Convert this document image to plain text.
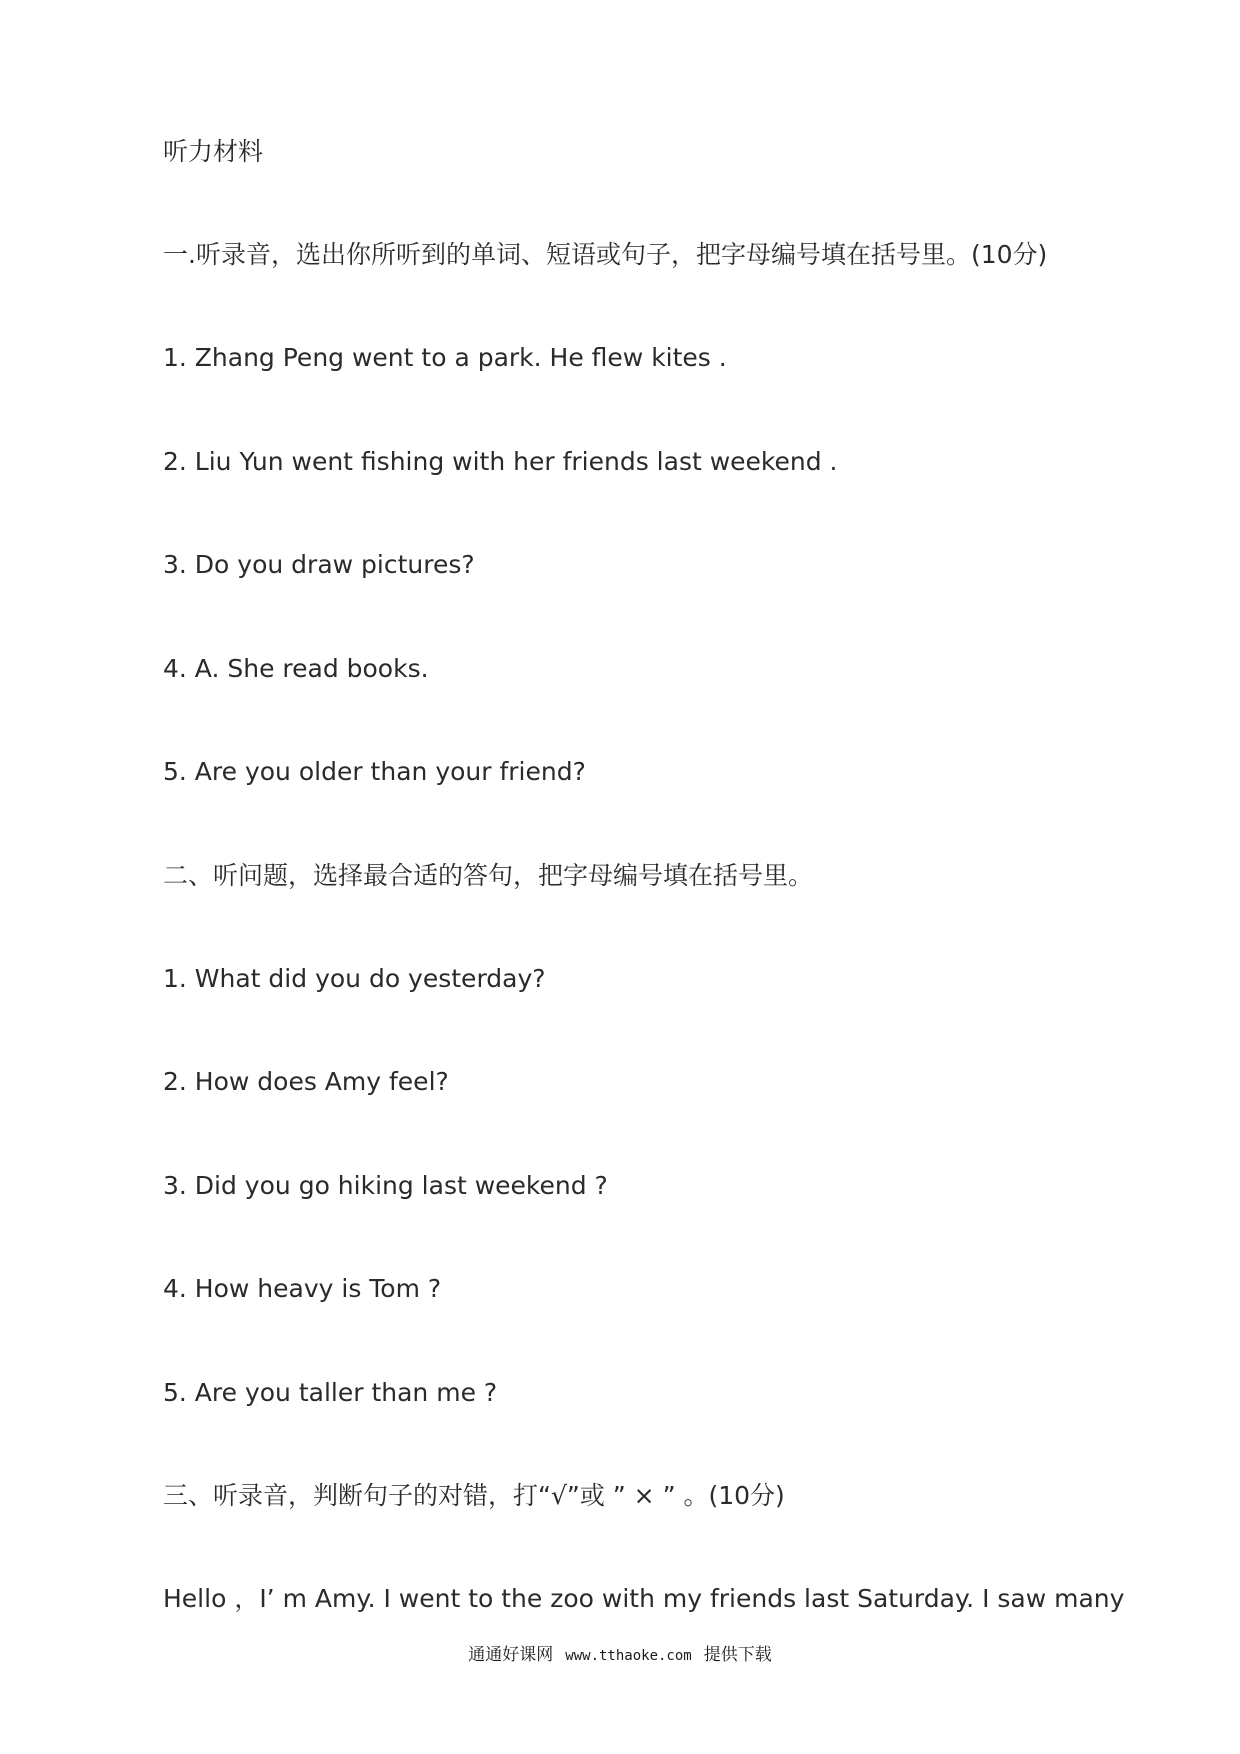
听力材料
一.听录音，选出你所听到的单词、短语或句子，把字母编号填在括号里。(10分)
1. Zhang Peng went to a park. He flew kites .
2. Liu Yun went fishing with her friends last weekend .
3. Do you draw pictures?
4. A. She read books.
5. Are you older than your friend?
二、听问题，选择最合适的答句，把字母编号填在括号里。
1. What did you do yesterday?
2. How does Amy feel?
3. Did you go hiking last weekend ?
4. How heavy is Tom ?
5. Are you taller than me ?
三、听录音，判断句子的对错，打“√”或 ” × ” 。(10分)
Hello ，I’ m Amy. I went to the zoo with my friends last Saturday. I saw many
通通好课网 www.tthaoke.com 提供下载
